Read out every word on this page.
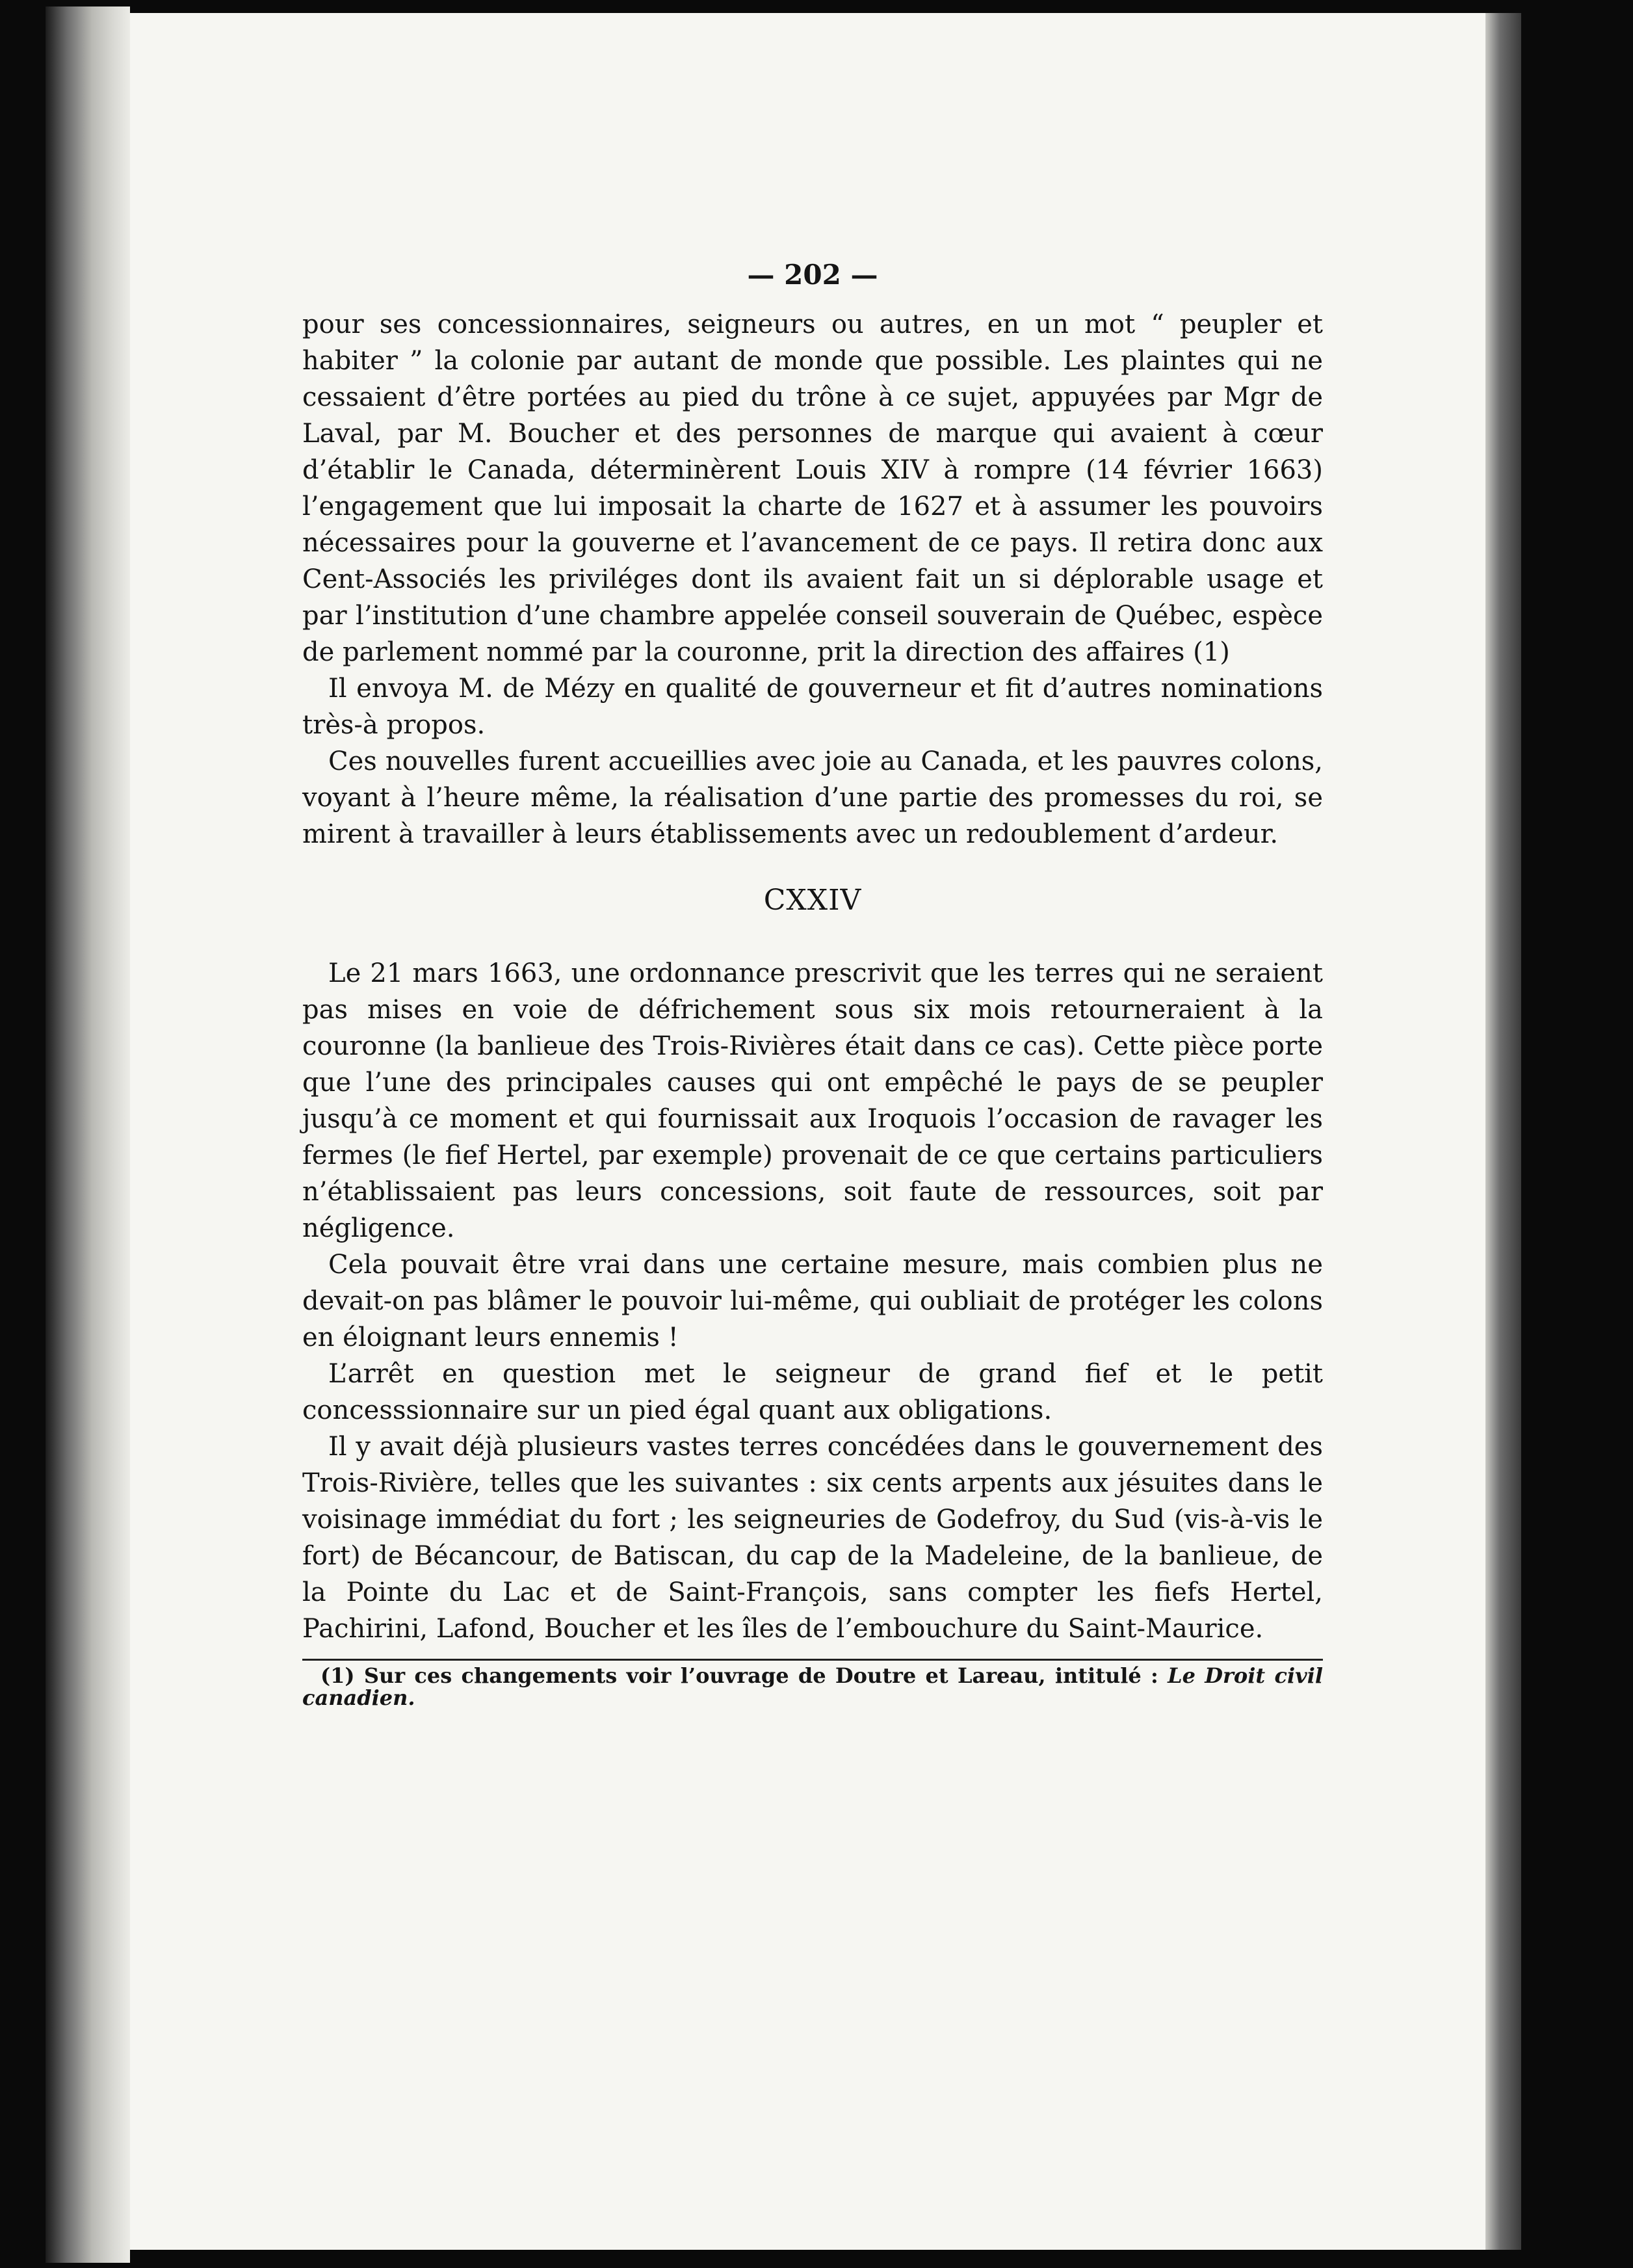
— 202 —

pour ses concessionnaires, seigneurs ou autres, en un mot “ peupler et habiter ” la colonie par autant de monde que possible. Les plaintes qui ne cessaient d’être portées au pied du trône à ce sujet, appuyées par Mgr de Laval, par M. Boucher et des personnes de marque qui avaient à cœur d’établir le Canada, déterminèrent Louis XIV à rompre (14 février 1663) l’engagement que lui imposait la charte de 1627 et à assumer les pouvoirs nécessaires pour la gouverne et l’avancement de ce pays. Il retira donc aux Cent-Associés les priviléges dont ils avaient fait un si déplorable usage et par l’institution d’une chambre appelée conseil souverain de Québec, espèce de parlement nommé par la couronne, prit la direction des affaires (1)

Il envoya M. de Mézy en qualité de gouverneur et fit d’autres nominations très-à propos.

Ces nouvelles furent accueillies avec joie au Canada, et les pauvres colons, voyant à l’heure même, la réalisation d’une partie des promesses du roi, se mirent à travailler à leurs établissements avec un redoublement d’ardeur.

CXXIV

Le 21 mars 1663, une ordonnance prescrivit que les terres qui ne seraient pas mises en voie de défrichement sous six mois retourneraient à la couronne (la banlieue des Trois-Rivières était dans ce cas). Cette pièce porte que l’une des principales causes qui ont empêché le pays de se peupler jusqu’à ce moment et qui fournissait aux Iroquois l’occasion de ravager les fermes (le fief Hertel, par exemple) provenait de ce que certains particuliers n’établissaient pas leurs concessions, soit faute de ressources, soit par négligence.

Cela pouvait être vrai dans une certaine mesure, mais combien plus ne devait-on pas blâmer le pouvoir lui-même, qui oubliait de protéger les colons en éloignant leurs ennemis !

L’arrêt en question met le seigneur de grand fief et le petit concesssionnaire sur un pied égal quant aux obligations.

Il y avait déjà plusieurs vastes terres concédées dans le gouvernement des Trois-Rivière, telles que les suivantes : six cents arpents aux jésuites dans le voisinage immédiat du fort ; les seigneuries de Godefroy, du Sud (vis-à-vis le fort) de Bécancour, de Batiscan, du cap de la Madeleine, de la banlieue, de la Pointe du Lac et de Saint-François, sans compter les fiefs Hertel, Pachirini, Lafond, Boucher et les îles de l’embouchure du Saint-Maurice.

(1) Sur ces changements voir l’ouvrage de Doutre et Lareau, intitulé : Le Droit civil canadien.
